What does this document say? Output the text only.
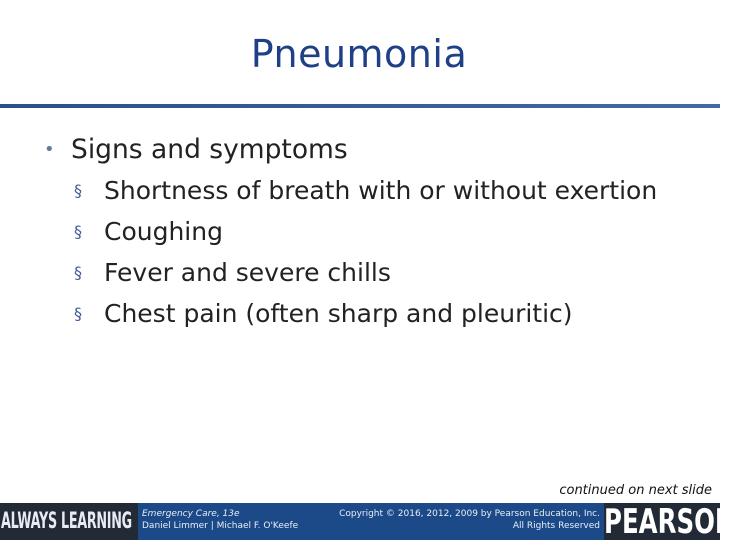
Pneumonia
• Signs and symptoms
§ Shortness of breath with or without exertion
§ Coughing
§ Fever and severe chills
§ Chest pain (often sharp and pleuritic)
continued on next slide
ALWAYS LEARNING Emergency Care, 13e
Daniel Limmer | Michael F. O'Keefe
Copyright © 2016, 2012, 2009 by Pearson Education, Inc.
All Rights Reserved PEARSON
